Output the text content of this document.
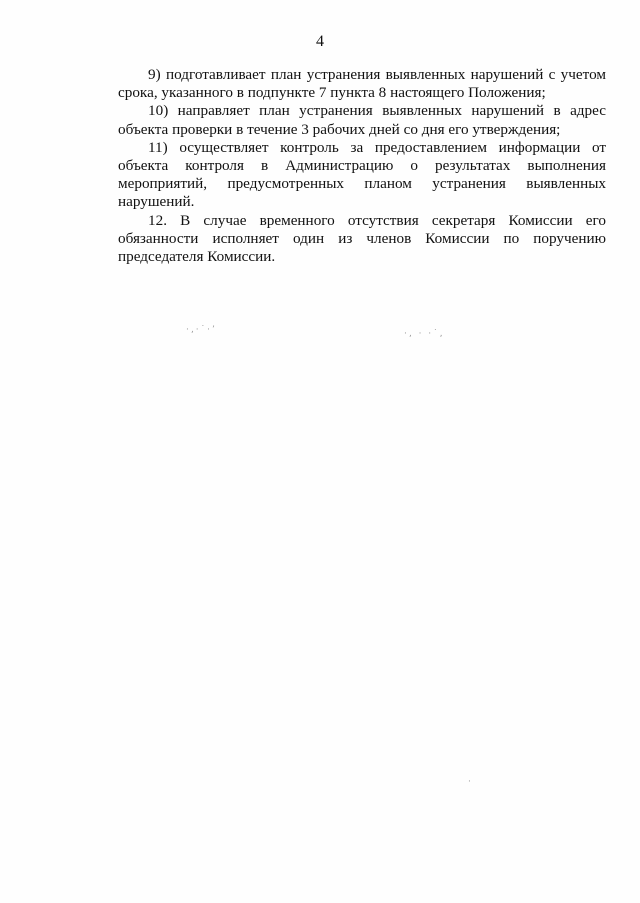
4

9) подготавливает план устранения выявленных нарушений с учетом срока, указанного в подпункте 7 пункта 8 настоящего Положения;

10) направляет план устранения выявленных нарушений в адрес объекта проверки в течение 3 рабочих дней со дня его утверждения;

11) осуществляет контроль за предоставлением информации от объекта контроля в Администрацию о результатах выполнения мероприятий, предусмотренных планом устранения выявленных нарушений.

12. В случае временного отсутствия секретаря Комиссии его обязанности исполняет один из членов Комиссии по поручению председателя Комиссии.

·‚·˙·’	·‚ · ·˙‚
·
